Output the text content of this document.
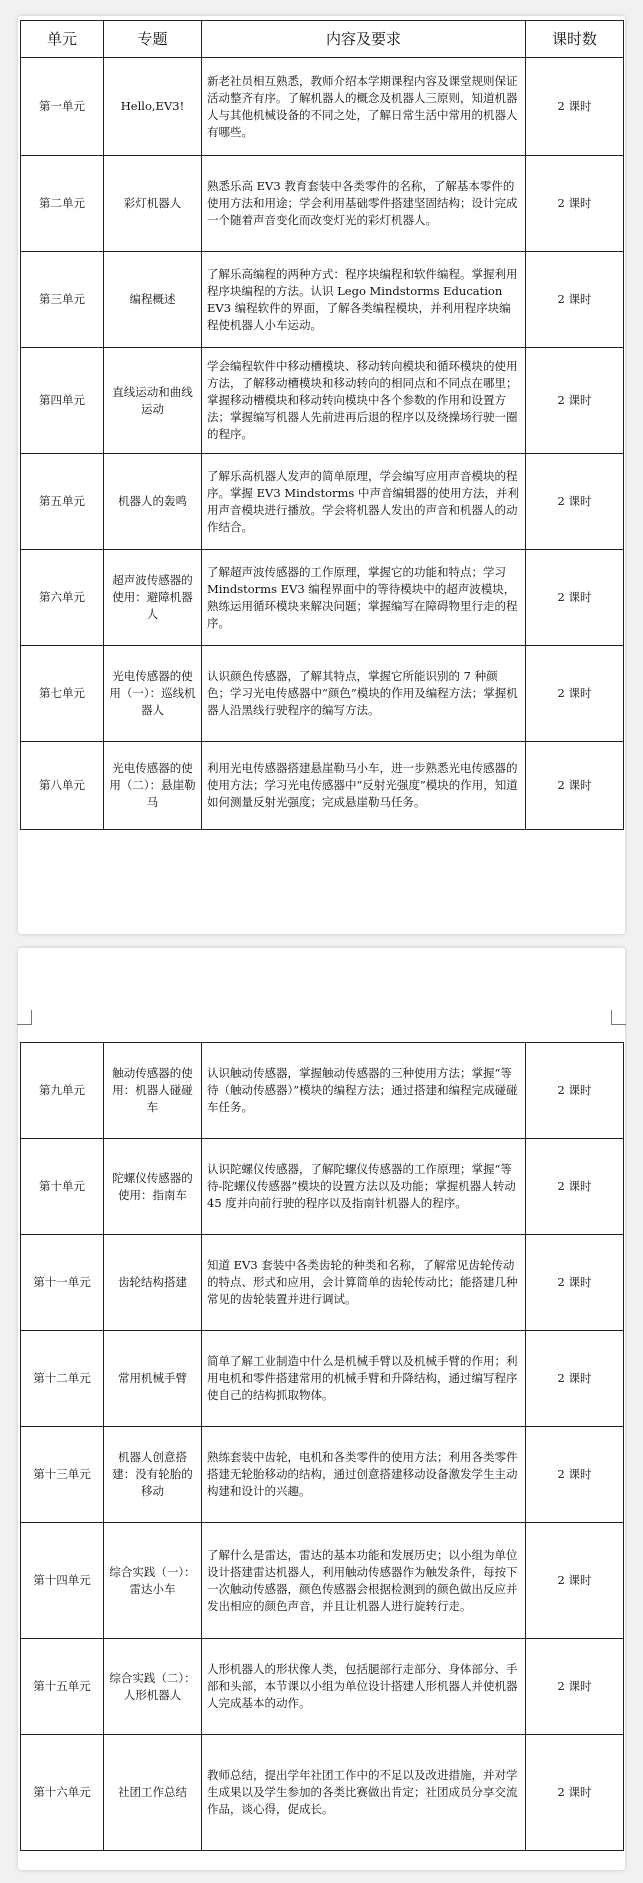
单元	专题	内容及要求	课时数
第一单元	Hello,EV3!	新老社员相互熟悉，教师介绍本学期课程内容及课堂规则保证活动整齐有序。了解机器人的概念及机器人三原则，知道机器人与其他机械设备的不同之处，了解日常生活中常用的机器人有哪些。	2 课时
第二单元	彩灯机器人	熟悉乐高 EV3 教育套装中各类零件的名称，了解基本零件的使用方法和用途；学会利用基础零件搭建坚固结构；设计完成一个随着声音变化而改变灯光的彩灯机器人。	2 课时
第三单元	编程概述	了解乐高编程的两种方式：程序块编程和软件编程。掌握利用程序块编程的方法。认识 Lego Mindstorms Education EV3 编程软件的界面，了解各类编程模块，并利用程序块编程使机器人小车运动。	2 课时
第四单元	直线运动和曲线运动	学会编程软件中移动槽模块、移动转向模块和循环模块的使用方法，了解移动槽模块和移动转向的相同点和不同点在哪里；掌握移动槽模块和移动转向模块中各个参数的作用和设置方法；掌握编写机器人先前进再后退的程序以及绕操场行驶一圈的程序。	2 课时
第五单元	机器人的轰鸣	了解乐高机器人发声的简单原理，学会编写应用声音模块的程序。掌握 EV3 Mindstorms 中声音编辑器的使用方法，并利用声音模块进行播放。学会将机器人发出的声音和机器人的动作结合。	2 课时
第六单元	超声波传感器的使用：避障机器人	了解超声波传感器的工作原理，掌握它的功能和特点；学习 Mindstorms EV3 编程界面中的等待模块中的超声波模块，熟练运用循环模块来解决问题；掌握编写在障碍物里行走的程序。	2 课时
第七单元	光电传感器的使用（一）：巡线机器人	认识颜色传感器，了解其特点，掌握它所能识别的 7 种颜色；学习光电传感器中“颜色”模块的作用及编程方法；掌握机器人沿黑线行驶程序的编写方法。	2 课时
第八单元	光电传感器的使用（二）：悬崖勒马	利用光电传感器搭建悬崖勒马小车，进一步熟悉光电传感器的使用方法；学习光电传感器中“反射光强度”模块的作用，知道如何测量反射光强度；完成悬崖勒马任务。	2 课时
第九单元	触动传感器的使用：机器人碰碰车	认识触动传感器，掌握触动传感器的三种使用方法；掌握“等待（触动传感器）”模块的编程方法；通过搭建和编程完成碰碰车任务。	2 课时
第十单元	陀螺仪传感器的使用：指南车	认识陀螺仪传感器，了解陀螺仪传感器的工作原理；掌握“等待-陀螺仪传感器”模块的设置方法以及功能；掌握机器人转动 45 度并向前行驶的程序以及指南针机器人的程序。	2 课时
第十一单元	齿轮结构搭建	知道 EV3 套装中各类齿轮的种类和名称，了解常见齿轮传动的特点、形式和应用，会计算简单的齿轮传动比；能搭建几种常见的齿轮装置并进行调试。	2 课时
第十二单元	常用机械手臂	简单了解工业制造中什么是机械手臂以及机械手臂的作用；利用电机和零件搭建常用的机械手臂和升降结构，通过编写程序使自己的结构抓取物体。	2 课时
第十三单元	机器人创意搭建：没有轮胎的移动	熟练套装中齿轮，电机和各类零件的使用方法；利用各类零件搭建无轮胎移动的结构，通过创意搭建移动设备激发学生主动构建和设计的兴趣。	2 课时
第十四单元	综合实践（一）：雷达小车	了解什么是雷达，雷达的基本功能和发展历史；以小组为单位设计搭建雷达机器人，利用触动传感器作为触发条件，每按下一次触动传感器，颜色传感器会根据检测到的颜色做出反应并发出相应的颜色声音，并且让机器人进行旋转行走。	2 课时
第十五单元	综合实践（二）：人形机器人	人形机器人的形状像人类，包括腿部行走部分、身体部分、手部和头部，本节课以小组为单位设计搭建人形机器人并使机器人完成基本的动作。	2 课时
第十六单元	社团工作总结	教师总结，提出学年社团工作中的不足以及改进措施，并对学生成果以及学生参加的各类比赛做出肯定；社团成员分享交流作品，谈心得，促成长。	2 课时
